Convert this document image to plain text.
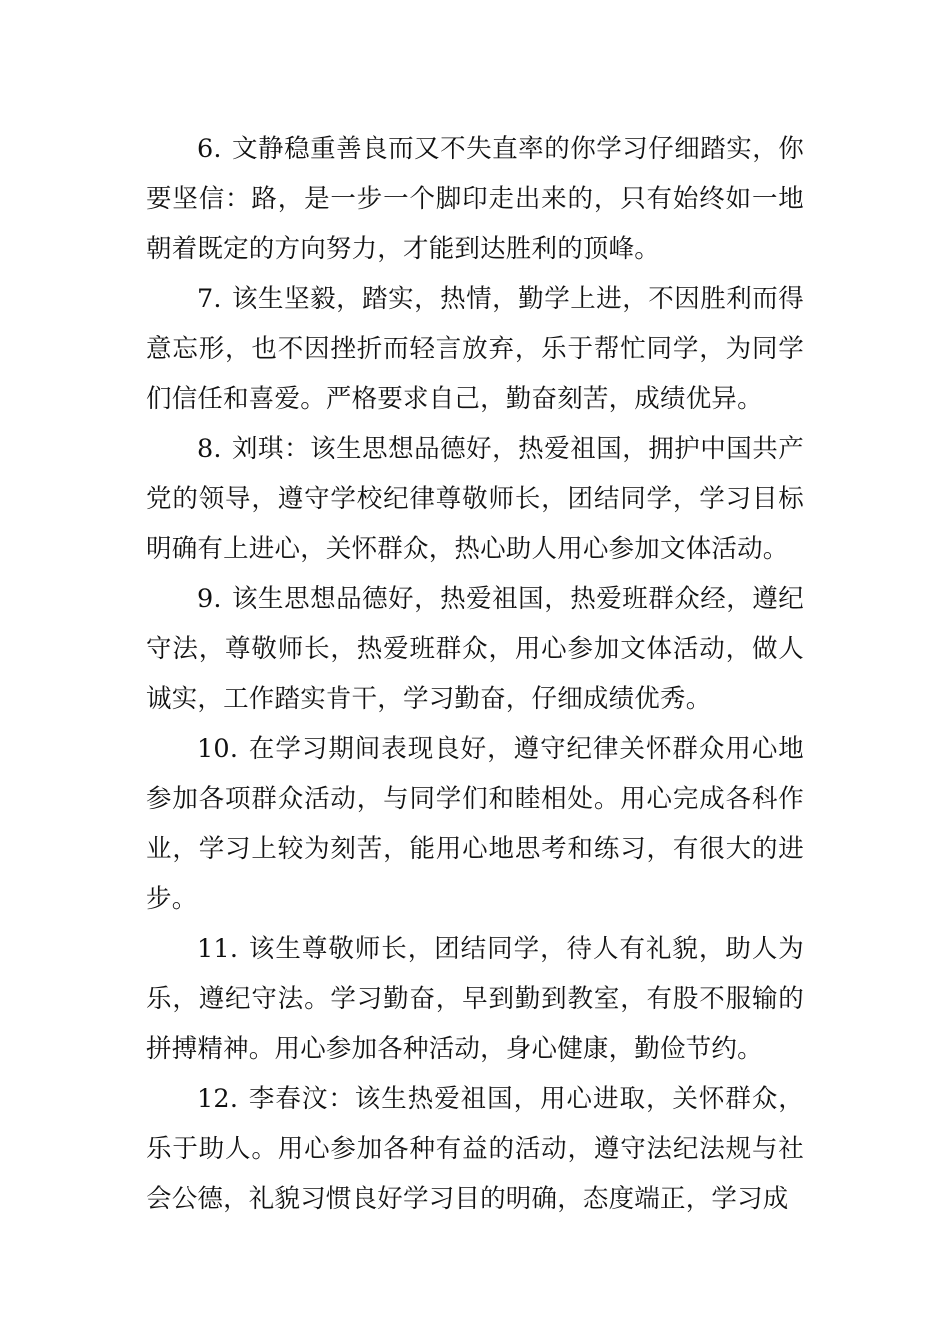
6. 文静稳重善良而又不失直率的你学习仔细踏实，你要坚信：路，是一步一个脚印走出来的，只有始终如一地朝着既定的方向努力，才能到达胜利的顶峰。

7. 该生坚毅，踏实，热情，勤学上进，不因胜利而得意忘形，也不因挫折而轻言放弃，乐于帮忙同学，为同学们信任和喜爱。严格要求自己，勤奋刻苦，成绩优异。

8. 刘琪：该生思想品德好，热爱祖国，拥护中国共产党的领导，遵守学校纪律尊敬师长，团结同学，学习目标明确有上进心，关怀群众，热心助人用心参加文体活动。

9. 该生思想品德好，热爱祖国，热爱班群众经，遵纪守法，尊敬师长，热爱班群众，用心参加文体活动，做人诚实，工作踏实肯干，学习勤奋，仔细成绩优秀。

10. 在学习期间表现良好，遵守纪律关怀群众用心地参加各项群众活动，与同学们和睦相处。用心完成各科作业，学习上较为刻苦，能用心地思考和练习，有很大的进步。

11. 该生尊敬师长，团结同学，待人有礼貌，助人为乐，遵纪守法。学习勤奋，早到勤到教室，有股不服输的拼搏精神。用心参加各种活动，身心健康，勤俭节约。

12. 李春汶：该生热爱祖国，用心进取，关怀群众，乐于助人。用心参加各种有益的活动，遵守法纪法规与社会公德，礼貌习惯良好学习目的明确，态度端正，学习成
